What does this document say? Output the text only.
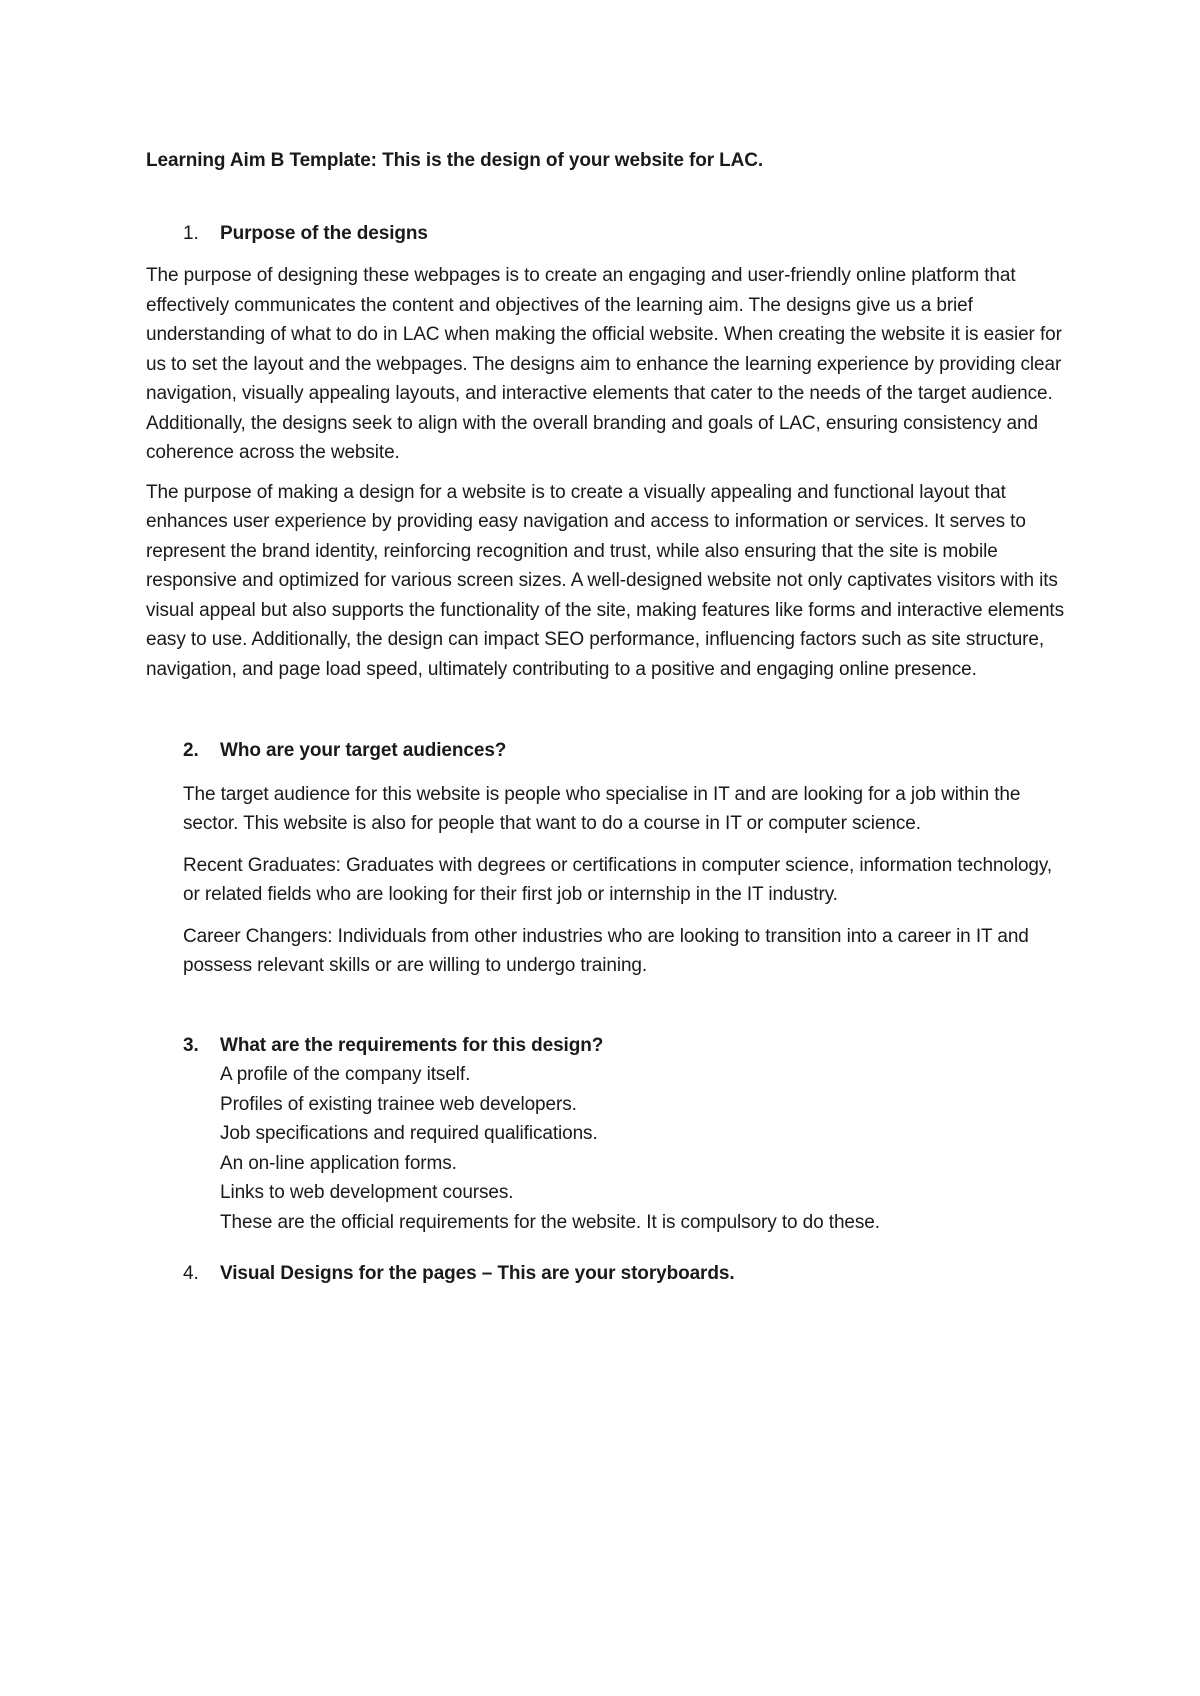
Learning Aim B Template: This is the design of your website for LAC.

1.	Purpose of the designs

The purpose of designing these webpages is to create an engaging and user-friendly online platform that effectively communicates the content and objectives of the learning aim. The designs give us a brief understanding of what to do in LAC when making the official website. When creating the website it is easier for us to set the layout and the webpages. The designs aim to enhance the learning experience by providing clear navigation, visually appealing layouts, and interactive elements that cater to the needs of the target audience. Additionally, the designs seek to align with the overall branding and goals of LAC, ensuring consistency and coherence across the website.

The purpose of making a design for a website is to create a visually appealing and functional layout that enhances user experience by providing easy navigation and access to information or services. It serves to represent the brand identity, reinforcing recognition and trust, while also ensuring that the site is mobile responsive and optimized for various screen sizes. A well-designed website not only captivates visitors with its visual appeal but also supports the functionality of the site, making features like forms and interactive elements easy to use. Additionally, the design can impact SEO performance, influencing factors such as site structure, navigation, and page load speed, ultimately contributing to a positive and engaging online presence.

2.	Who are your target audiences?

The target audience for this website is people who specialise in IT and are looking for a job within the sector. This website is also for people that want to do a course in IT or computer science.

Recent Graduates: Graduates with degrees or certifications in computer science, information technology, or related fields who are looking for their first job or internship in the IT industry.

Career Changers: Individuals from other industries who are looking to transition into a career in IT and possess relevant skills or are willing to undergo training.

3.	What are the requirements for this design?
A profile of the company itself.
Profiles of existing trainee web developers.
Job specifications and required qualifications.
An on-line application forms.
Links to web development courses.
These are the official requirements for the website. It is compulsory to do these.
4.	Visual Designs for the pages – This are your storyboards.
